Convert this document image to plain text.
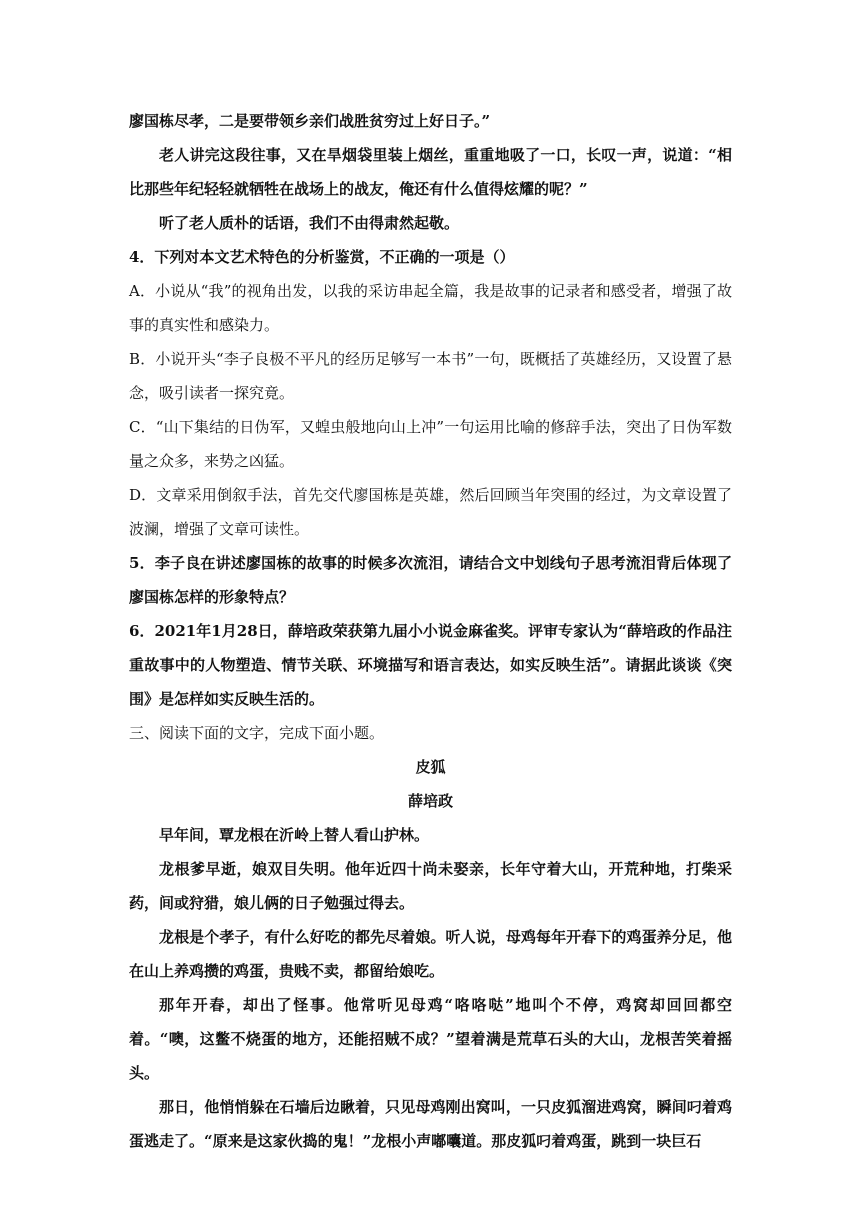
廖国栋尽孝，二是要带领乡亲们战胜贫穷过上好日子。”

老人讲完这段往事，又在旱烟袋里装上烟丝，重重地吸了一口，长叹一声，说道：“相比那些年纪轻轻就牺牲在战场上的战友，俺还有什么值得炫耀的呢？”

听了老人质朴的话语，我们不由得肃然起敬。

4．下列对本文艺术特色的分析鉴赏，不正确的一项是（）

A．小说从“我”的视角出发，以我的采访串起全篇，我是故事的记录者和感受者，增强了故事的真实性和感染力。

B．小说开头“李子良极不平凡的经历足够写一本书”一句，既概括了英雄经历，又设置了悬念，吸引读者一探究竟。

C．“山下集结的日伪军，又蝗虫般地向山上冲”一句运用比喻的修辞手法，突出了日伪军数量之众多，来势之凶猛。

D．文章采用倒叙手法，首先交代廖国栋是英雄，然后回顾当年突围的经过，为文章设置了波澜，增强了文章可读性。

5．李子良在讲述廖国栋的故事的时候多次流泪，请结合文中划线句子思考流泪背后体现了廖国栋怎样的形象特点？

6．2021年1月28日，薛培政荣获第九届小小说金麻雀奖。评审专家认为“薛培政的作品注重故事中的人物塑造、情节关联、环境描写和语言表达，如实反映生活”。请据此谈谈《突围》是怎样如实反映生活的。

三、阅读下面的文字，完成下面小题。

皮狐

薛培政

早年间，覃龙根在沂岭上替人看山护林。

龙根爹早逝，娘双目失明。他年近四十尚未娶亲，长年守着大山，开荒种地，打柴采药，间或狩猎，娘儿俩的日子勉强过得去。

龙根是个孝子，有什么好吃的都先尽着娘。听人说，母鸡每年开春下的鸡蛋养分足，他在山上养鸡攒的鸡蛋，贵贱不卖，都留给娘吃。

那年开春，却出了怪事。他常听见母鸡“咯咯哒”地叫个不停，鸡窝却回回都空着。“噢，这鳖不烧蛋的地方，还能招贼不成？”望着满是荒草石头的大山，龙根苦笑着摇头。

那日，他悄悄躲在石墙后边瞅着，只见母鸡刚出窝叫，一只皮狐溜进鸡窝，瞬间叼着鸡蛋逃走了。“原来是这家伙捣的鬼！”龙根小声嘟囔道。那皮狐叼着鸡蛋，跳到一块巨石
